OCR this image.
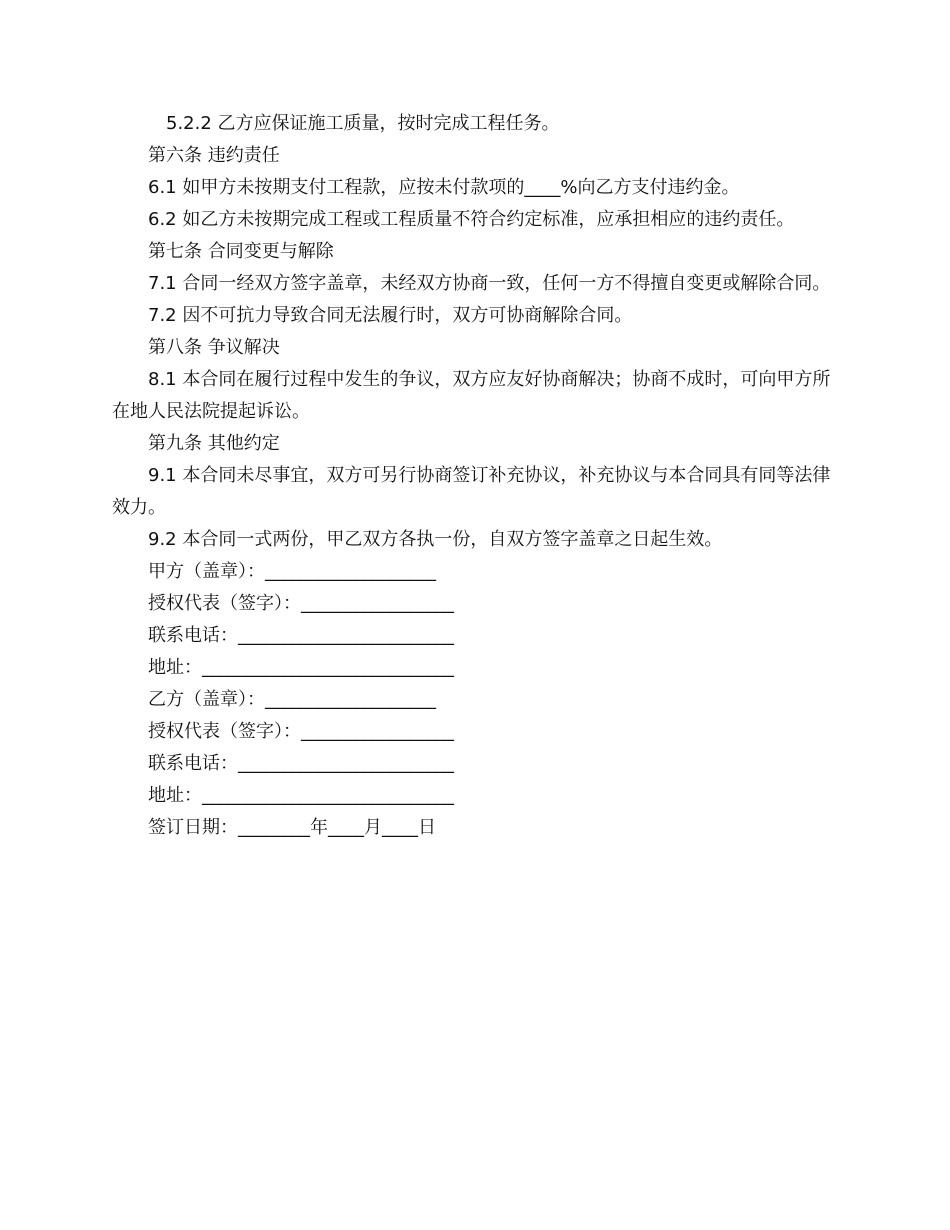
5.2.2 乙方应保证施工质量，按时完成工程任务。

第六条 违约责任

6.1 如甲方未按期支付工程款，应按未付款项的____%向乙方支付违约金。

6.2 如乙方未按期完成工程或工程质量不符合约定标准，应承担相应的违约责任。

第七条 合同变更与解除

7.1 合同一经双方签字盖章，未经双方协商一致，任何一方不得擅自变更或解除合同。

7.2 因不可抗力导致合同无法履行时，双方可协商解除合同。

第八条 争议解决

8.1 本合同在履行过程中发生的争议，双方应友好协商解决；协商不成时，可向甲方所在地人民法院提起诉讼。

第九条 其他约定

9.1 本合同未尽事宜，双方可另行协商签订补充协议，补充协议与本合同具有同等法律效力。

9.2 本合同一式两份，甲乙双方各执一份，自双方签字盖章之日起生效。

甲方（盖章）：___________________

授权代表（签字）：_________________

联系电话：________________________

地址：____________________________

乙方（盖章）：___________________

授权代表（签字）：_________________

联系电话：________________________

地址：____________________________

签订日期：________年____月____日
